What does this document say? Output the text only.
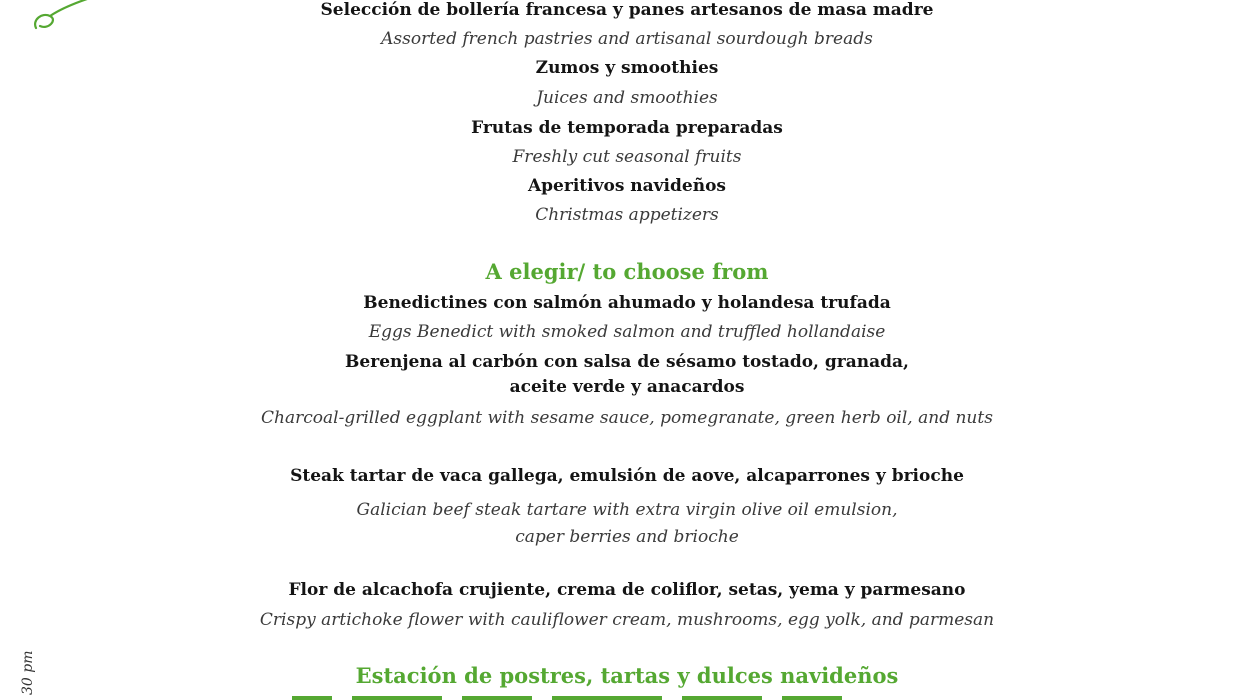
Selección de bollería francesa y panes artesanos de masa madre
Assorted french pastries and artisanal sourdough breads
Zumos y smoothies
Juices and smoothies
Frutas de temporada preparadas
Freshly cut seasonal fruits
Aperitivos navideños
Christmas appetizers
A elegir/ to choose from
Benedictines con salmón ahumado y holandesa trufada
Eggs Benedict with smoked salmon and truffled hollandaise
Berenjena al carbón con salsa de sésamo tostado, granada,
aceite verde y anacardos
Charcoal-grilled eggplant with sesame sauce, pomegranate, green herb oil, and nuts
Steak tartar de vaca gallega, emulsión de aove, alcaparrones y brioche
Galician beef steak tartare with extra virgin olive oil emulsion,
caper berries and brioche
Flor de alcachofa crujiente, crema de coliflor, setas, yema y parmesano
Crispy artichoke flower with cauliflower cream, mushrooms, egg yolk, and parmesan
Estación de postres, tartas y dulces navideños
30 pm
